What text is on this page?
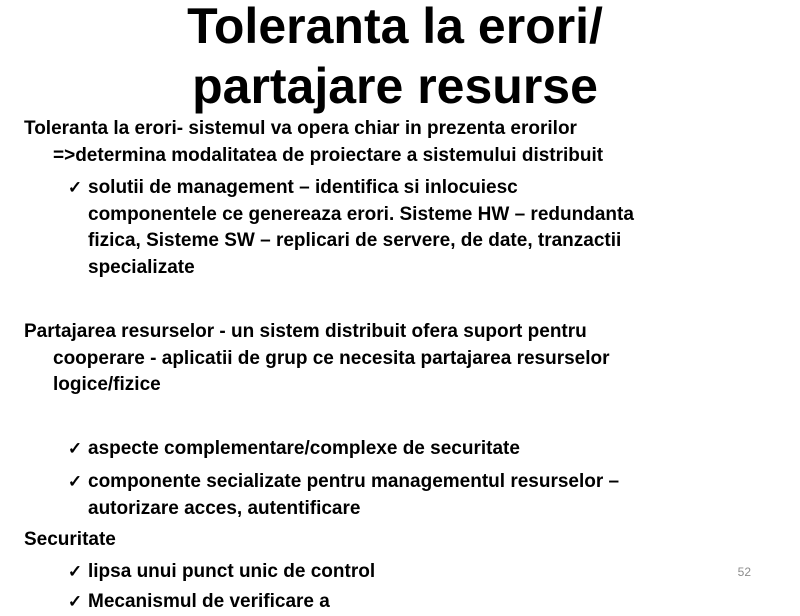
Toleranta la erori/
partajare resurse
Toleranta la erori- sistemul va opera chiar in prezenta erorilor
=>determina modalitatea de proiectare a sistemului distribuit
✓ solutii de management – identifica si inlocuiesc
componentele ce genereaza erori. Sisteme HW – redundanta
fizica, Sisteme SW – replicari de servere, de date, tranzactii
specializate
Partajarea resurselor - un sistem distribuit ofera suport pentru
cooperare - aplicatii de grup ce necesita partajarea resurselor
logice/fizice
✓ aspecte complementare/complexe de securitate
✓ componente secializate pentru managementul resurselor –
autorizare acces, autentificare
Securitate
✓ lipsa unui punct unic de control
✓ Mecanismul de verificare a
52
